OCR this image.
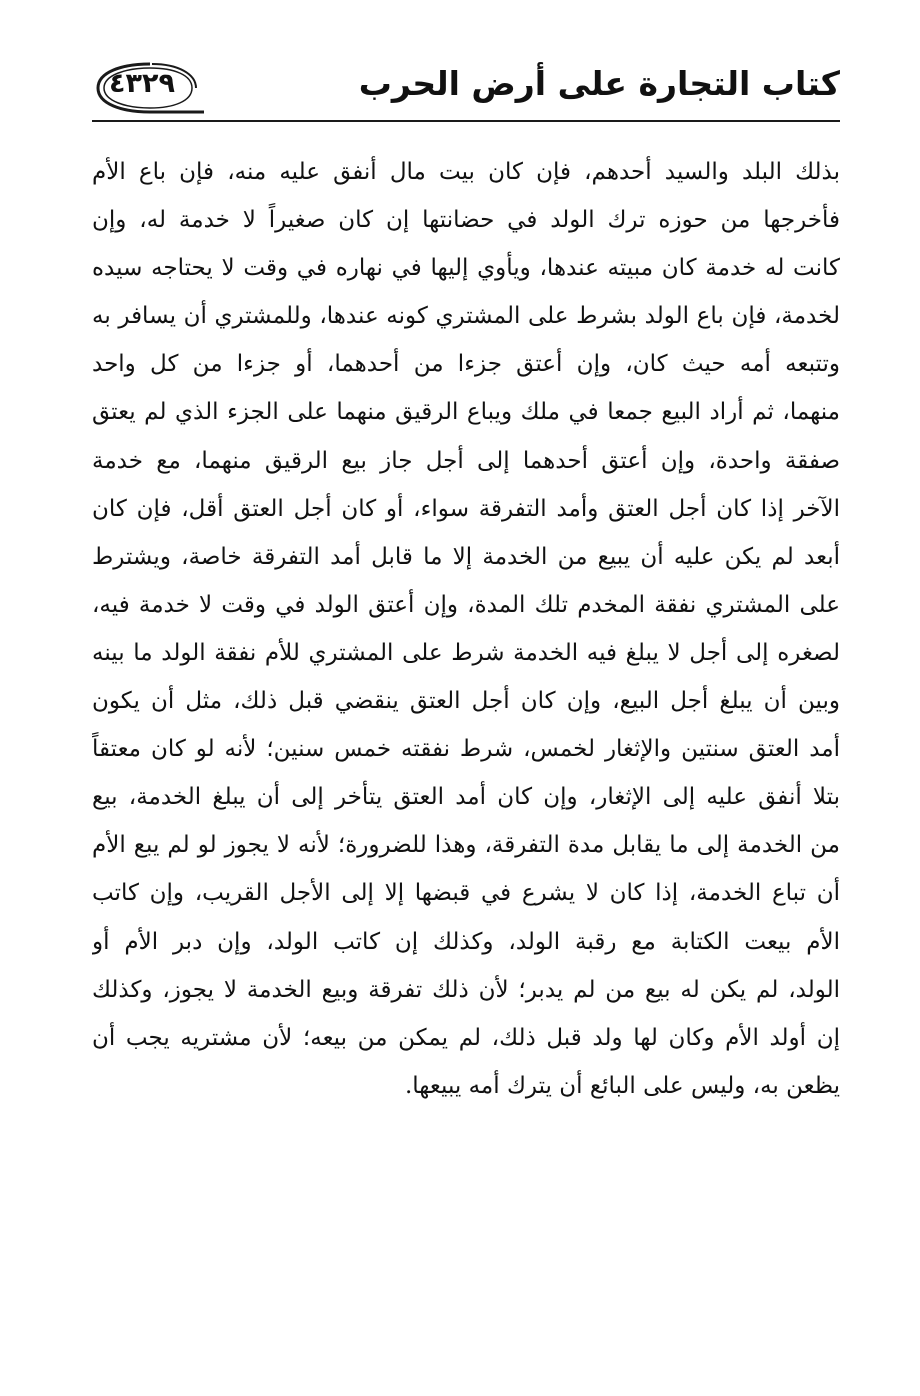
٤٣٢٩	كتاب التجارة على أرض الحرب
بذلك البلد والسيد أحدهم، فإن كان بيت مال أنفق عليه منه، فإن باع الأم
فأخرجها من حوزه ترك الولد في حضانتها إن كان صغيراً لا خدمة له، وإن
كانت له خدمة كان مبيته عندها، ويأوي إليها في نهاره في وقت لا يحتاجه سيده
لخدمة، فإن باع الولد بشرط على المشتري كونه عندها، وللمشتري أن يسافر به
وتتبعه أمه حيث كان، وإن أعتق جزءا من أحدهما، أو جزءا من كل واحد
منهما، ثم أراد البيع جمعا في ملك ويباع الرقيق منهما على الجزء الذي لم يعتق
صفقة واحدة، وإن أعتق أحدهما إلى أجل جاز بيع الرقيق منهما، مع خدمة
الآخر إذا كان أجل العتق وأمد التفرقة سواء، أو كان أجل العتق أقل، فإن كان
أبعد لم يكن عليه أن يبيع من الخدمة إلا ما قابل أمد التفرقة خاصة، ويشترط
على المشتري نفقة المخدم تلك المدة، وإن أعتق الولد في وقت لا خدمة فيه،
لصغره إلى أجل لا يبلغ فيه الخدمة شرط على المشتري للأم نفقة الولد ما بينه
وبين أن يبلغ أجل البيع، وإن كان أجل العتق ينقضي قبل ذلك، مثل أن يكون
أمد العتق سنتين والإثغار لخمس، شرط نفقته خمس سنين؛ لأنه لو كان معتقاً
بتلا أنفق عليه إلى الإثغار، وإن كان أمد العتق يتأخر إلى أن يبلغ الخدمة، بيع
من الخدمة إلى ما يقابل مدة التفرقة، وهذا للضرورة؛ لأنه لا يجوز لو لم يبع الأم
أن تباع الخدمة، إذا كان لا يشرع في قبضها إلا إلى الأجل القريب، وإن كاتب
الأم بيعت الكتابة مع رقبة الولد، وكذلك إن كاتب الولد، وإن دبر الأم أو
الولد، لم يكن له بيع من لم يدبر؛ لأن ذلك تفرقة وبيع الخدمة لا يجوز، وكذلك
إن أولد الأم وكان لها ولد قبل ذلك، لم يمكن من بيعه؛ لأن مشتريه يجب أن
يظعن به، وليس على البائع أن يترك أمه يبيعها.
